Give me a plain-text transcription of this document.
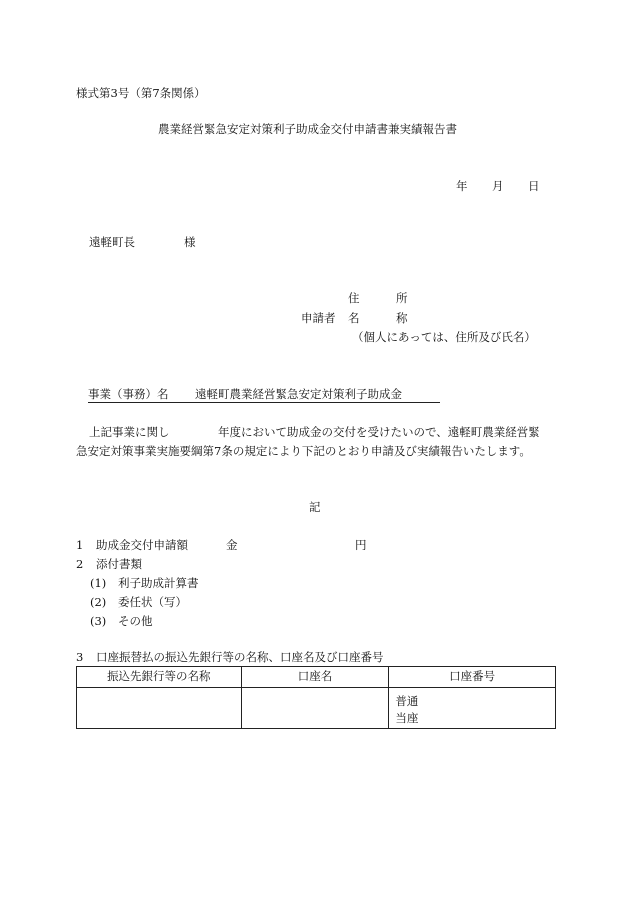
様式第3号（第7条関係）
農業経営緊急安定対策利子助成金交付申請書兼実績報告書
年 月 日
遠軽町長	様
住	所
申請者 名	称
（個人にあっては、住所及び氏名）
事業（事務）名 遠軽町農業経営緊急安定対策利子助成金
上記事業に関し	年度において助成金の交付を受けたいので、遠軽町農業経営緊
急安定対策事業実施要綱第7条の規定により下記のとおり申請及び実績報告いたします。
記
1 助成金交付申請額	金	円
2 添付書類
(1) 利子助成計算書
(2) 委任状（写）
(3) その他
3 口座振替払の振込先銀行等の名称、口座名及び口座番号
振込先銀行等の名称	口座名	口座番号

		普通
当座
